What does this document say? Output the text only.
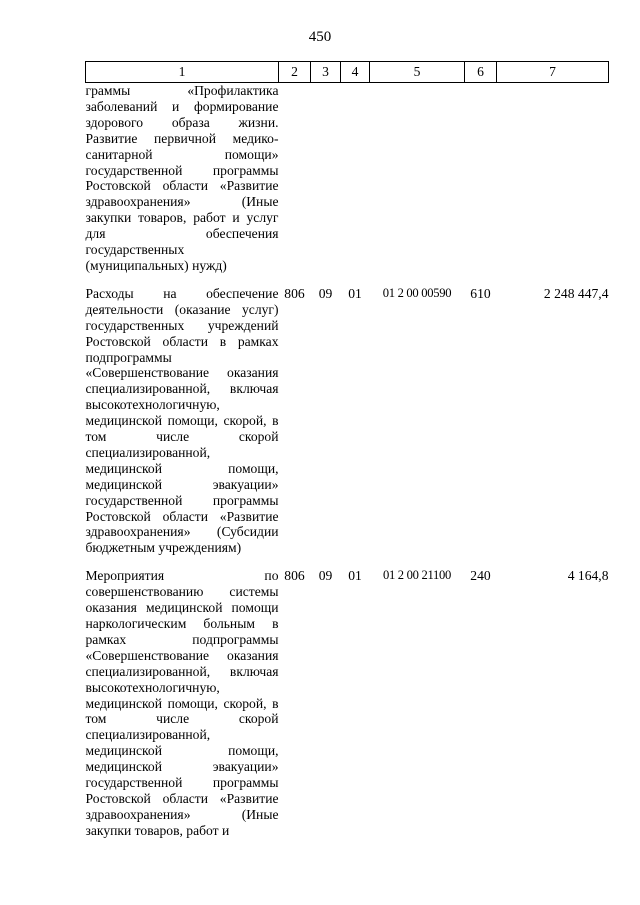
450
1	2	3	4	5	6	7
граммы «Профилактика заболеваний и формирование здорового образа жизни. Развитие первичной медико-санитарной помощи» государственной программы Ростовской области «Развитие здравоохранения» (Иные закупки товаров, работ и услуг для обеспечения государственных (муниципальных) нужд)						

Расходы на обеспечение деятельности (оказание услуг) государственных учреждений Ростовской области в рамках подпрограммы «Совершенствование оказания специализированной, включая высокотехнологичную, медицинской помощи, скорой, в том числе скорой специализированной, медицинской помощи, медицинской эвакуации» государственной программы Ростовской области «Развитие здравоохранения» (Субсидии бюджетным учреждениям)	806	09	01	01 2 00 00590	610	2 248 447,4

Мероприятия по совершенствованию системы оказания медицинской помощи наркологическим больным в рамках подпрограммы «Совершенствование оказания специализированной, включая высокотехнологичную, медицинской помощи, скорой, в том числе скорой специализированной, медицинской помощи, медицинской эвакуации» государственной программы Ростовской области «Развитие здравоохранения» (Иные закупки товаров, работ и	806	09	01	01 2 00 21100	240	4 164,8
